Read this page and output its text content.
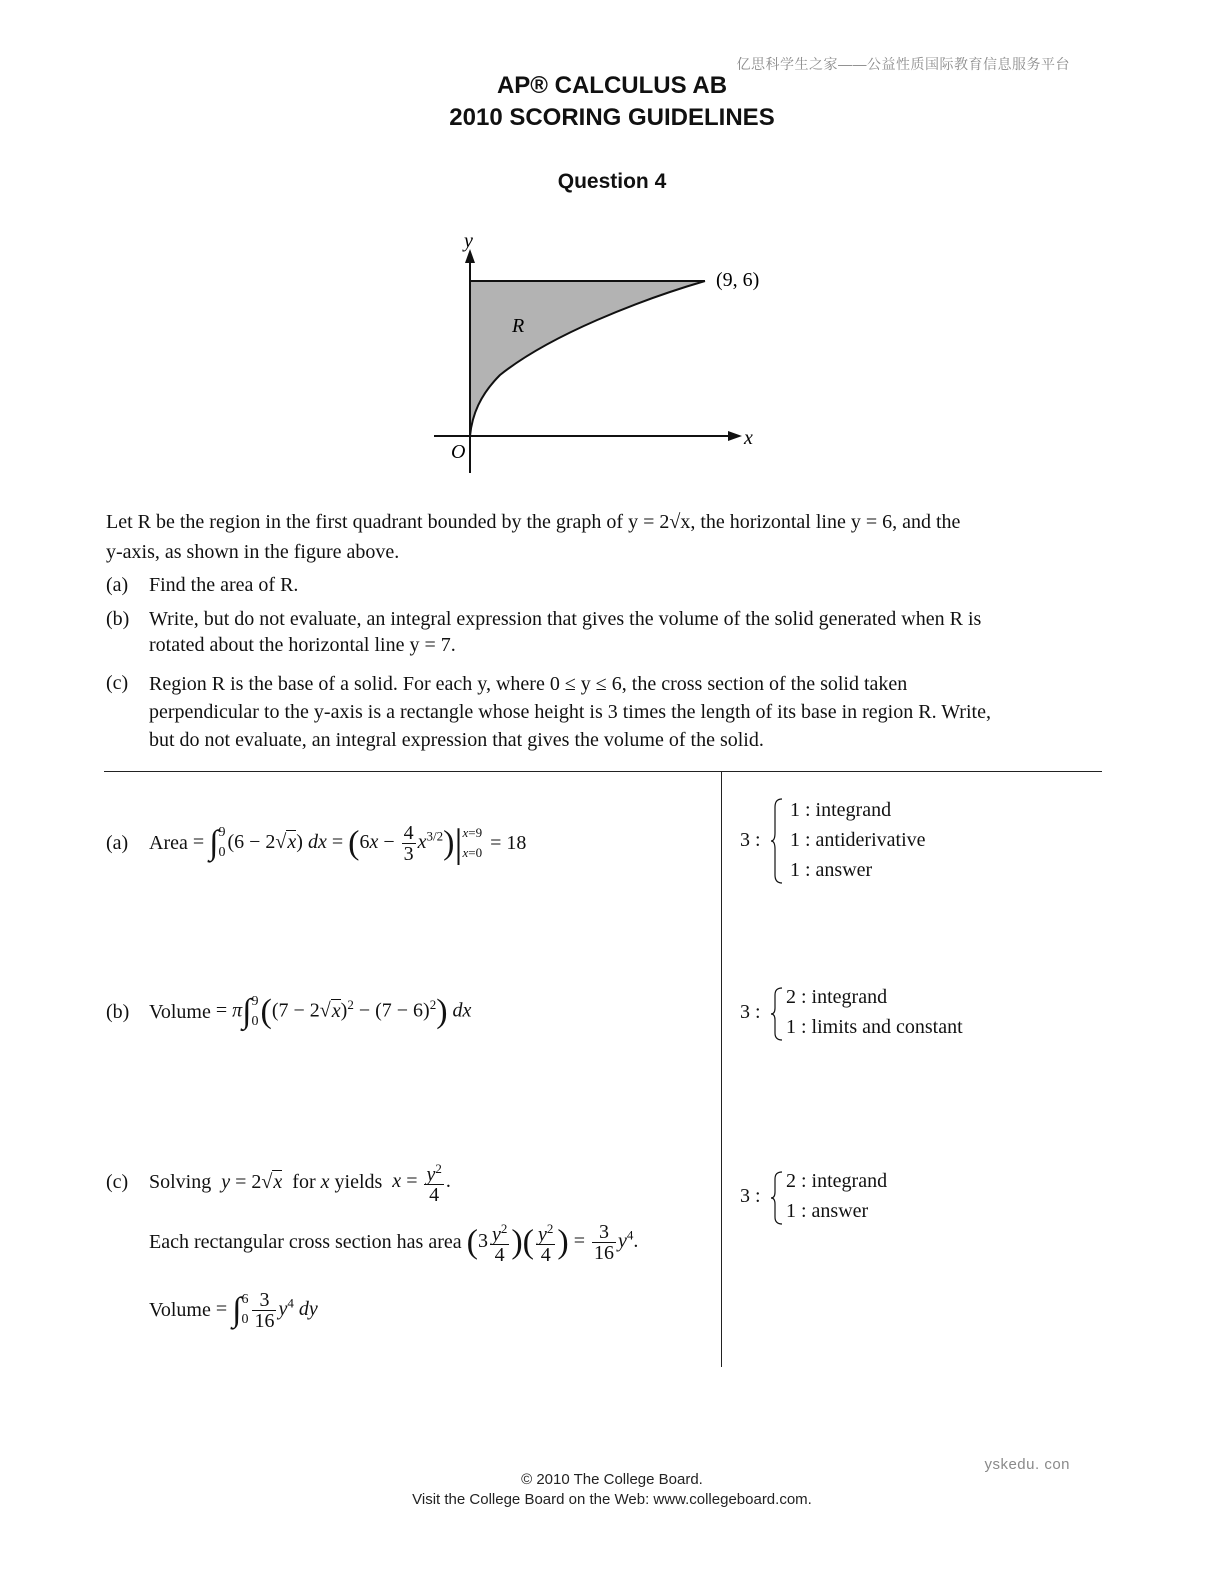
亿思科学生之家——公益性质国际教育信息服务平台
AP® CALCULUS AB
2010 SCORING GUIDELINES
Question 4
y
x
O
R
(9, 6)
Let R be the region in the first quadrant bounded by the graph of y = 2√x, the horizontal line y = 6, and the
y-axis, as shown in the figure above.
(a) Find the area of R.
(b) Write, but do not evaluate, an integral expression that gives the volume of the solid generated when R is
rotated about the horizontal line y = 7.
(c) Region R is the base of a solid. For each y, where 0 ≤ y ≤ 6, the cross section of the solid taken
perpendicular to the y-axis is a rectangle whose height is 3 times the length of its base in region R. Write,
but do not evaluate, an integral expression that gives the volume of the solid.
(a)	Area = ∫ 9
0 (6 − 2√x) dx = $(6x - \frac{4}{3} x^{3/2})|$ x=9
x=0 = 18
(b) Volume = π∫ 9
0 $((7 - 2√x)^2 - (7 - 6)^2)$ dx
(c)	Solving y = 2√x for x yields $x = \frac{y^2}{4}$ .
Each rectangular cross section has area ($3 \frac{y^2}{4}$ )( $\frac{y^2}{4}$ ) = $\frac{3}{16} y^4$.
Volume = ∫ 6
$0 \frac{3}{16} y^4$ dy
3 :
1 : integrand
1 : antiderivative
1 : answer
3 :
2 : integrand
1 : limits and constant
3 :
2 : integrand
1 : answer
yskedu. con
© 2010 The College Board.
Visit the College Board on the Web: www.collegeboard.com.
